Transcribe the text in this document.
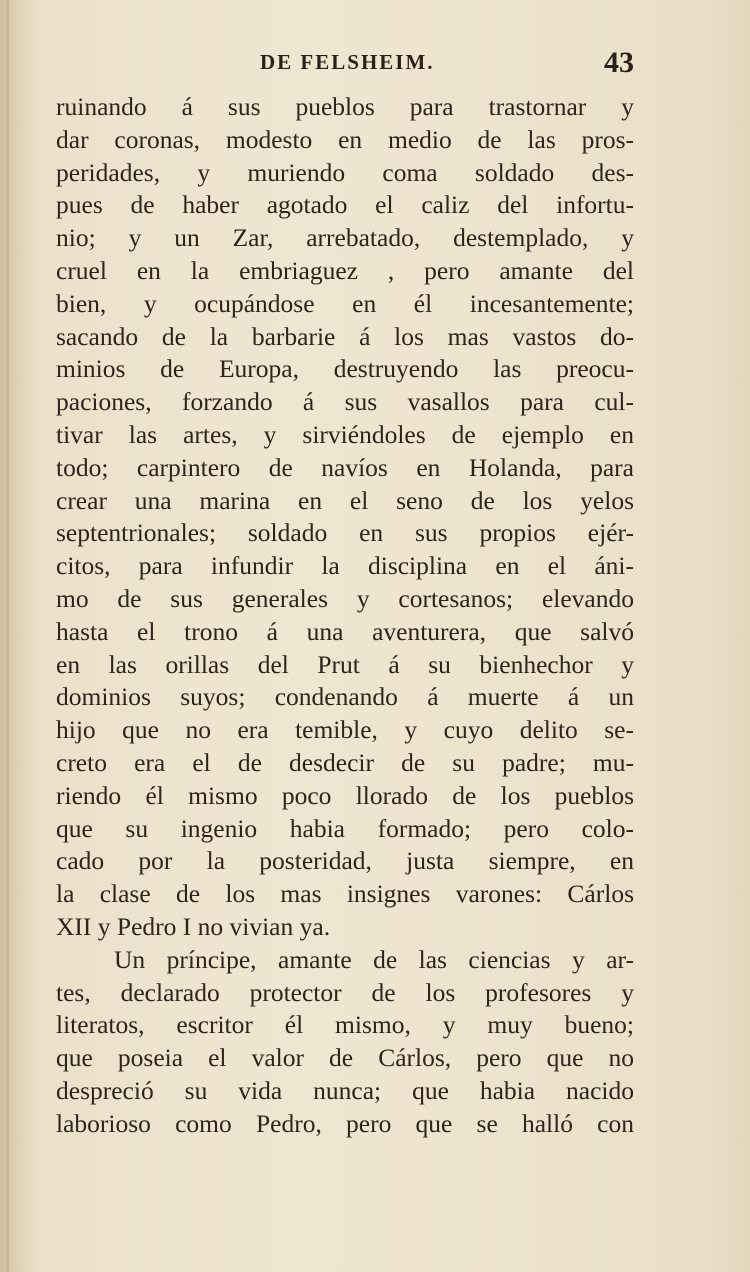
DE FELSHEIM.	43
ruinando á sus pueblos para trastornar y
dar coronas, modesto en medio de las pros-
peridades, y muriendo coma soldado des-
pues de haber agotado el caliz del infortu-
nio; y un Zar, arrebatado, destemplado, y
cruel en la embriaguez , pero amante del
bien, y ocupándose en él incesantemente;
sacando de la barbarie á los mas vastos do-
minios de Europa, destruyendo las preocu-
paciones, forzando á sus vasallos para cul-
tivar las artes, y sirviéndoles de ejemplo en
todo; carpintero de navíos en Holanda, para
crear una marina en el seno de los yelos
septentrionales; soldado en sus propios ejér-
citos, para infundir la disciplina en el áni-
mo de sus generales y cortesanos; elevando
hasta el trono á una aventurera, que salvó
en las orillas del Prut á su bienhechor y
dominios suyos; condenando á muerte á un
hijo que no era temible, y cuyo delito se-
creto era el de desdecir de su padre; mu-
riendo él mismo poco llorado de los pueblos
que su ingenio habia formado; pero colo-
cado por la posteridad, justa siempre, en
la clase de los mas insignes varones: Cárlos
XII y Pedro I no vivian ya.
Un príncipe, amante de las ciencias y ar-
tes, declarado protector de los profesores y
literatos, escritor él mismo, y muy bueno;
que poseia el valor de Cárlos, pero que no
despreció su vida nunca; que habia nacido
laborioso como Pedro, pero que se halló con
